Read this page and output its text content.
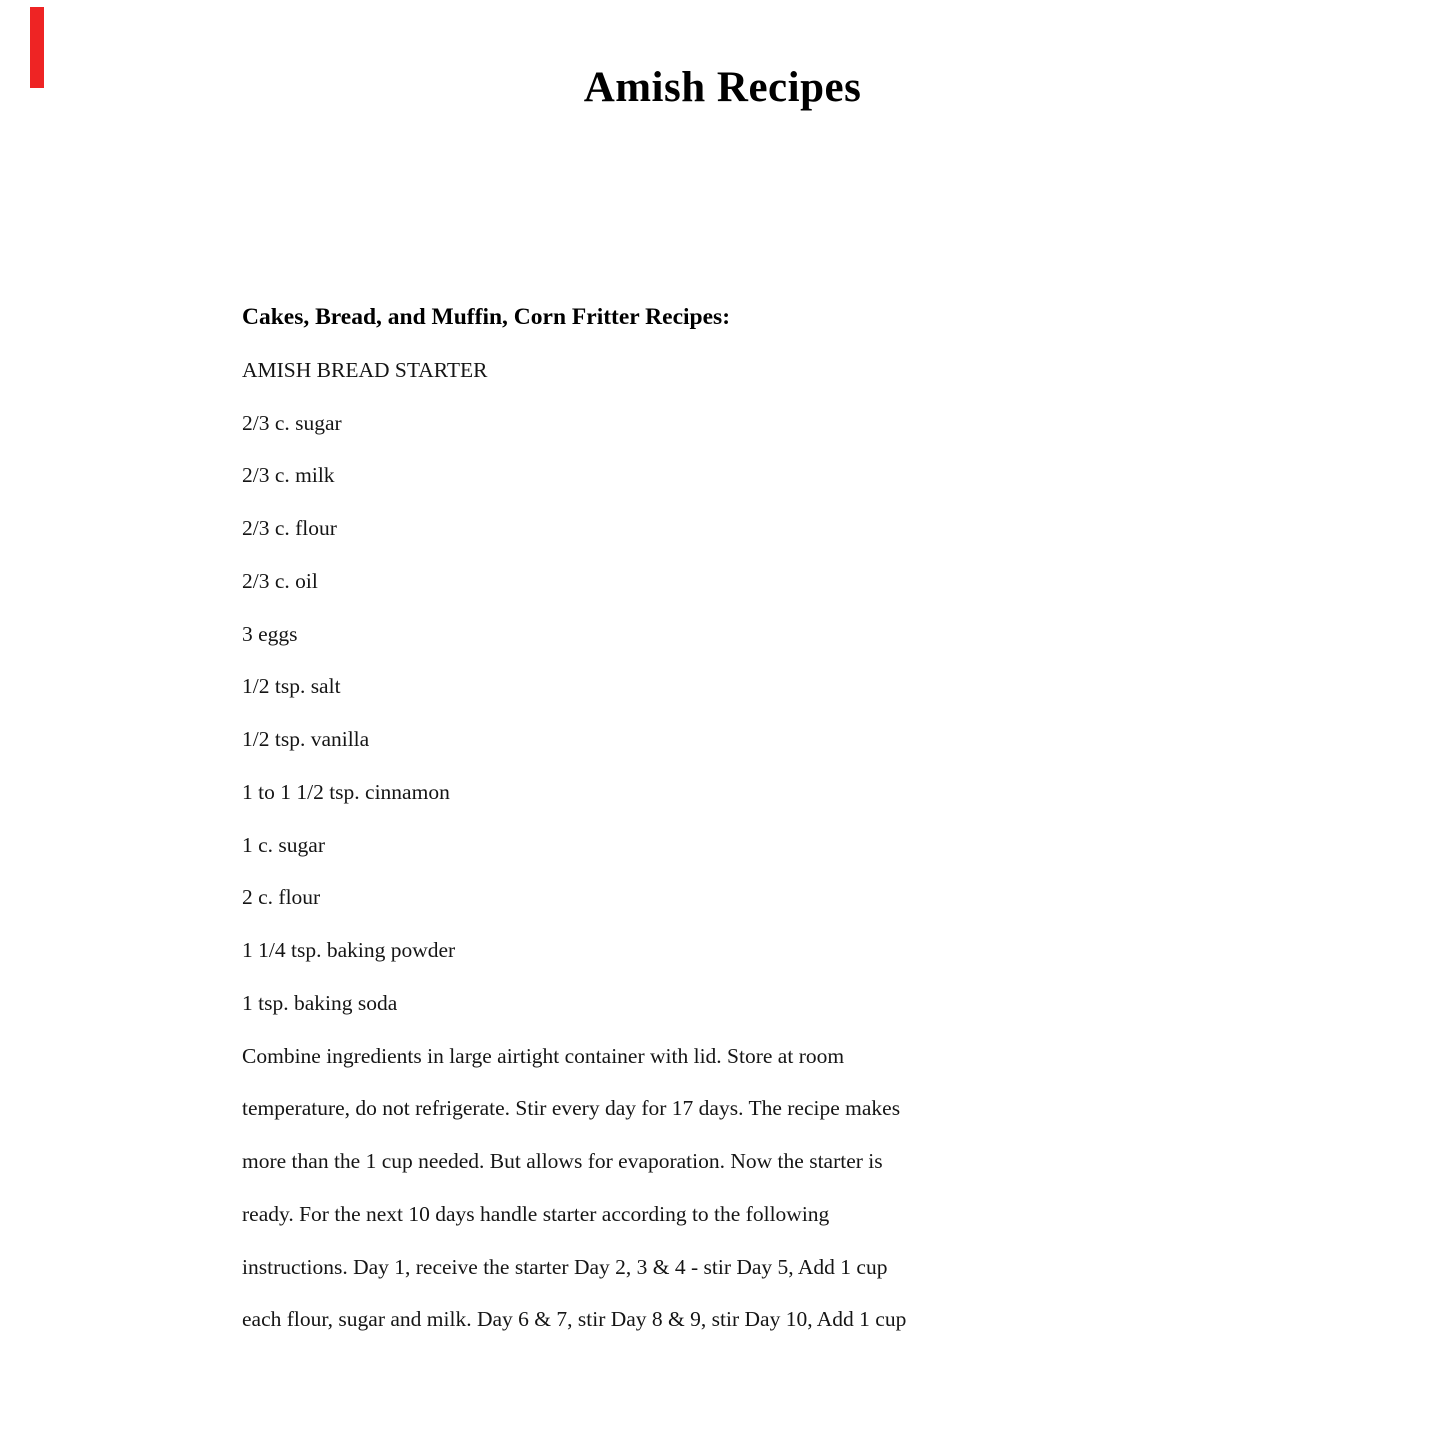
Amish Recipes
Cakes, Bread, and Muffin, Corn Fritter Recipes:
AMISH BREAD STARTER
2/3 c. sugar
2/3 c. milk
2/3 c. flour
2/3 c. oil
3 eggs
1/2 tsp. salt
1/2 tsp. vanilla
1 to 1 1/2 tsp. cinnamon
1 c. sugar
2 c. flour
1 1/4 tsp. baking powder
1 tsp. baking soda
Combine ingredients in large airtight container with lid. Store at room
temperature, do not refrigerate. Stir every day for 17 days. The recipe makes
more than the 1 cup needed. But allows for evaporation. Now the starter is
ready. For the next 10 days handle starter according to the following
instructions. Day 1, receive the starter Day 2, 3 & 4 - stir Day 5, Add 1 cup
each flour, sugar and milk. Day 6 & 7, stir Day 8 & 9, stir Day 10, Add 1 cup
